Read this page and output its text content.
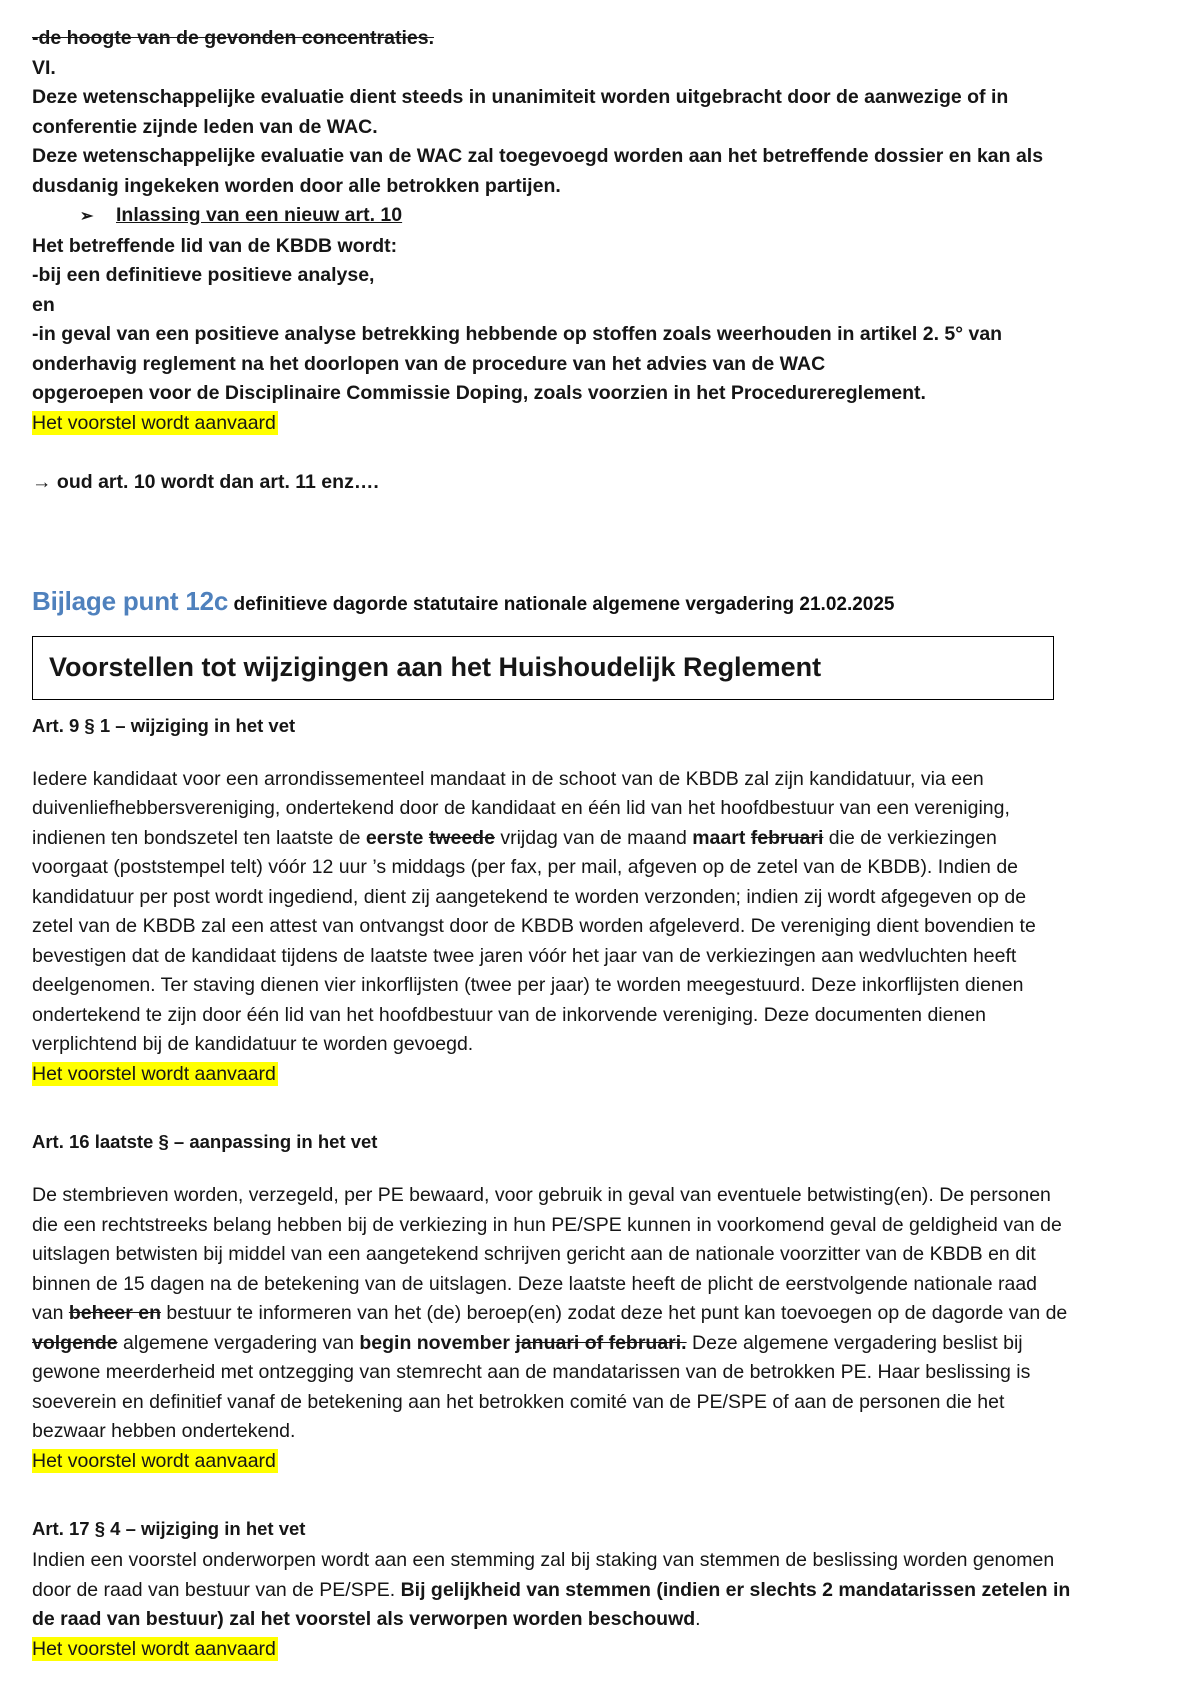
-de hoogte van de gevonden concentraties.
VI.
Deze wetenschappelijke evaluatie dient steeds in unanimiteit worden uitgebracht door de aanwezige of in conferentie zijnde leden van de WAC.
Deze wetenschappelijke evaluatie van de WAC zal toegevoegd worden aan het betreffende dossier en kan als dusdanig ingekeken worden door alle betrokken partijen.
➢	Inlassing van een nieuw art. 10
Het betreffende lid van de KBDB wordt:
-bij een definitieve positieve analyse,
en
-in geval van een positieve analyse betrekking hebbende op stoffen zoals weerhouden in artikel 2. 5° van
onderhavig reglement na het doorlopen van de procedure van het advies van de WAC
opgeroepen voor de Disciplinaire Commissie Doping, zoals voorzien in het Procedurereglement.
Het voorstel wordt aanvaard
→ oud art. 10 wordt dan art. 11 enz….
Bijlage punt 12c definitieve dagorde statutaire nationale algemene vergadering 21.02.2025
Voorstellen tot wijzigingen aan het Huishoudelijk Reglement
Art. 9 § 1 – wijziging in het vet
Iedere kandidaat voor een arrondissementeel mandaat in de schoot van de KBDB zal zijn kandidatuur, via een duivenliefhebbersvereniging, ondertekend door de kandidaat en één lid van het hoofdbestuur van een vereniging, indienen ten bondszetel ten laatste de eerste tweede vrijdag van de maand maart februari die de verkiezingen voorgaat (poststempel telt) vóór 12 uur ’s middags (per fax, per mail, afgeven op de zetel van de KBDB). Indien de kandidatuur per post wordt ingediend, dient zij aangetekend te worden verzonden; indien zij wordt afgegeven op de zetel van de KBDB zal een attest van ontvangst door de KBDB worden afgeleverd. De vereniging dient bovendien te bevestigen dat de kandidaat tijdens de laatste twee jaren vóór het jaar van de verkiezingen aan wedvluchten heeft deelgenomen. Ter staving dienen vier inkorflijsten (twee per jaar) te worden meegestuurd. Deze inkorflijsten dienen ondertekend te zijn door één lid van het hoofdbestuur van de inkorvende vereniging. Deze documenten dienen verplichtend bij de kandidatuur te worden gevoegd.
Het voorstel wordt aanvaard
Art. 16 laatste § – aanpassing in het vet
De stembrieven worden, verzegeld, per PE bewaard, voor gebruik in geval van eventuele betwisting(en). De personen die een rechtstreeks belang hebben bij de verkiezing in hun PE/SPE kunnen in voorkomend geval de geldigheid van de uitslagen betwisten bij middel van een aangetekend schrijven gericht aan de nationale voorzitter van de KBDB en dit binnen de 15 dagen na de betekening van de uitslagen. Deze laatste heeft de plicht de eerstvolgende nationale raad van beheer en bestuur te informeren van het (de) beroep(en) zodat deze het punt kan toevoegen op de dagorde van de volgende algemene vergadering van begin november januari of februari. Deze algemene vergadering beslist bij gewone meerderheid met ontzegging van stemrecht aan de mandatarissen van de betrokken PE. Haar beslissing is soeverein en definitief vanaf de betekening aan het betrokken comité van de PE/SPE of aan de personen die het bezwaar hebben ondertekend.
Het voorstel wordt aanvaard
Art. 17 § 4 – wijziging in het vet
Indien een voorstel onderworpen wordt aan een stemming zal bij staking van stemmen de beslissing worden genomen door de raad van bestuur van de PE/SPE. Bij gelijkheid van stemmen (indien er slechts 2 mandatarissen zetelen in de raad van bestuur) zal het voorstel als verworpen worden beschouwd.
Het voorstel wordt aanvaard
